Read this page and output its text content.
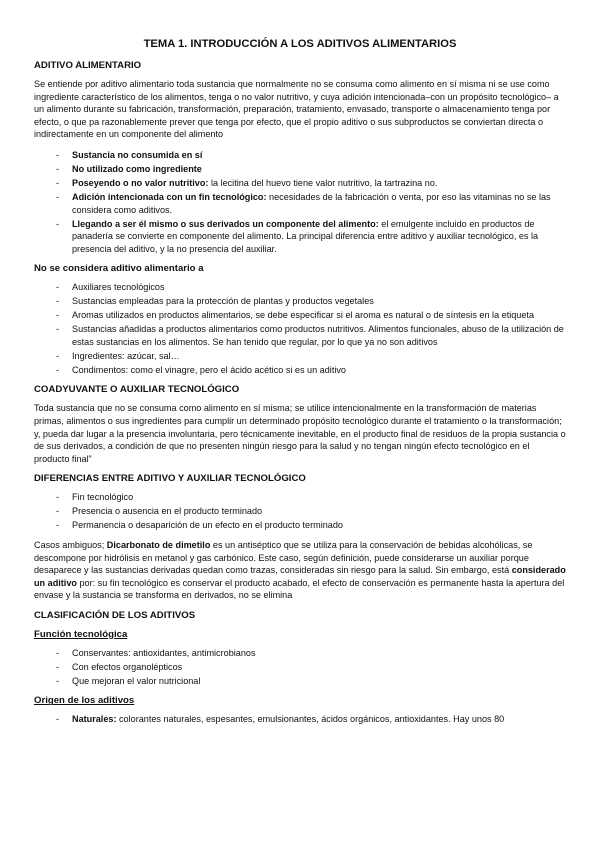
TEMA 1. INTRODUCCIÓN A LOS ADITIVOS ALIMENTARIOS
ADITIVO ALIMENTARIO

Se entiende por aditivo alimentario toda sustancia que normalmente no se consuma como alimento en sí misma ni se use como ingrediente característico de los alimentos, tenga o no valor nutritivo, y cuya adición intencionada–con un propósito tecnológico– a un alimento durante su fabricación, transformación, preparación, tratamiento, envasado, transporte o almacenamiento tenga por efecto, o que pa razonablemente prever que tenga por efecto, que el propio aditivo o sus subproductos se conviertan directa o indirectamente en un componente del alimento

- Sustancia no consumida en sí
- No utilizado como ingrediente
- Poseyendo o no valor nutritivo: la lecitina del huevo tiene valor nutritivo, la tartrazina no.
- Adición intencionada con un fin tecnológico: necesidades de la fabricación o venta, por eso las vitaminas no se las considera como aditivos.
- Llegando a ser él mismo o sus derivados un componente del alimento: el emulgente incluido en productos de panadería se convierte en componente del alimento. La principal diferencia entre aditivo y auxiliar tecnológico, es la presencia del aditivo, y la no presencia del auxiliar.
No se considera aditivo alimentario a
- Auxiliares tecnológicos
- Sustancias empleadas para la protección de plantas y productos vegetales
- Aromas utilizados en productos alimentarios, se debe especificar si el aroma es natural o de síntesis en la etiqueta
- Sustancias añadidas a productos alimentarios como productos nutritivos. Alimentos funcionales, abuso de la utilización de estas sustancias en los alimentos. Se han tenido que regular, por lo que ya no son aditivos
- Ingredientes: azúcar, sal…
- Condimentos: como el vinagre, pero el ácido acético si es un aditivo
COADYUVANTE O AUXILIAR TECNOLÓGICO

Toda sustancia que no se consuma como alimento en sí misma; se utilice intencionalmente en la transformación de materias primas, alimentos o sus ingredientes para cumplir un determinado propósito tecnológico durante el tratamiento o la transformación; y, pueda dar lugar a la presencia involuntaria, pero técnicamente inevitable, en el producto final de residuos de la propia sustancia o de sus derivados, a condición de que no presenten ningún riesgo para la salud y no tengan ningún efecto tecnológico en el producto final”

DIFERENCIAS ENTRE ADITIVO Y AUXILIAR TECNOLÓGICO
- Fin tecnológico
- Presencia o ausencia en el producto terminado
- Permanencia o desaparición de un efecto en el producto terminado

Casos ambiguos; Dicarbonato de dimetilo es un antiséptico que se utiliza para la conservación de bebidas alcohólicas, se descompone por hidrólisis en metanol y gas carbónico. Este caso, según definición, puede considerarse un auxiliar porque desaparece y las sustancias derivadas quedan como trazas, consideradas sin riesgo para la salud. Sin embargo, está considerado un aditivo por: su fin tecnológico es conservar el producto acabado, el efecto de conservación es permanente hasta la apertura del envase y la sustancia se transforma en derivados, no se elimina

CLASIFICACIÓN DE LOS ADITIVOS
Función tecnológica
- Conservantes: antioxidantes, antimicrobianos
- Con efectos organolépticos
- Que mejoran el valor nutricional
Origen de los aditivos
- Naturales: colorantes naturales, espesantes, emulsionantes, ácidos orgánicos, antioxidantes. Hay unos 80
